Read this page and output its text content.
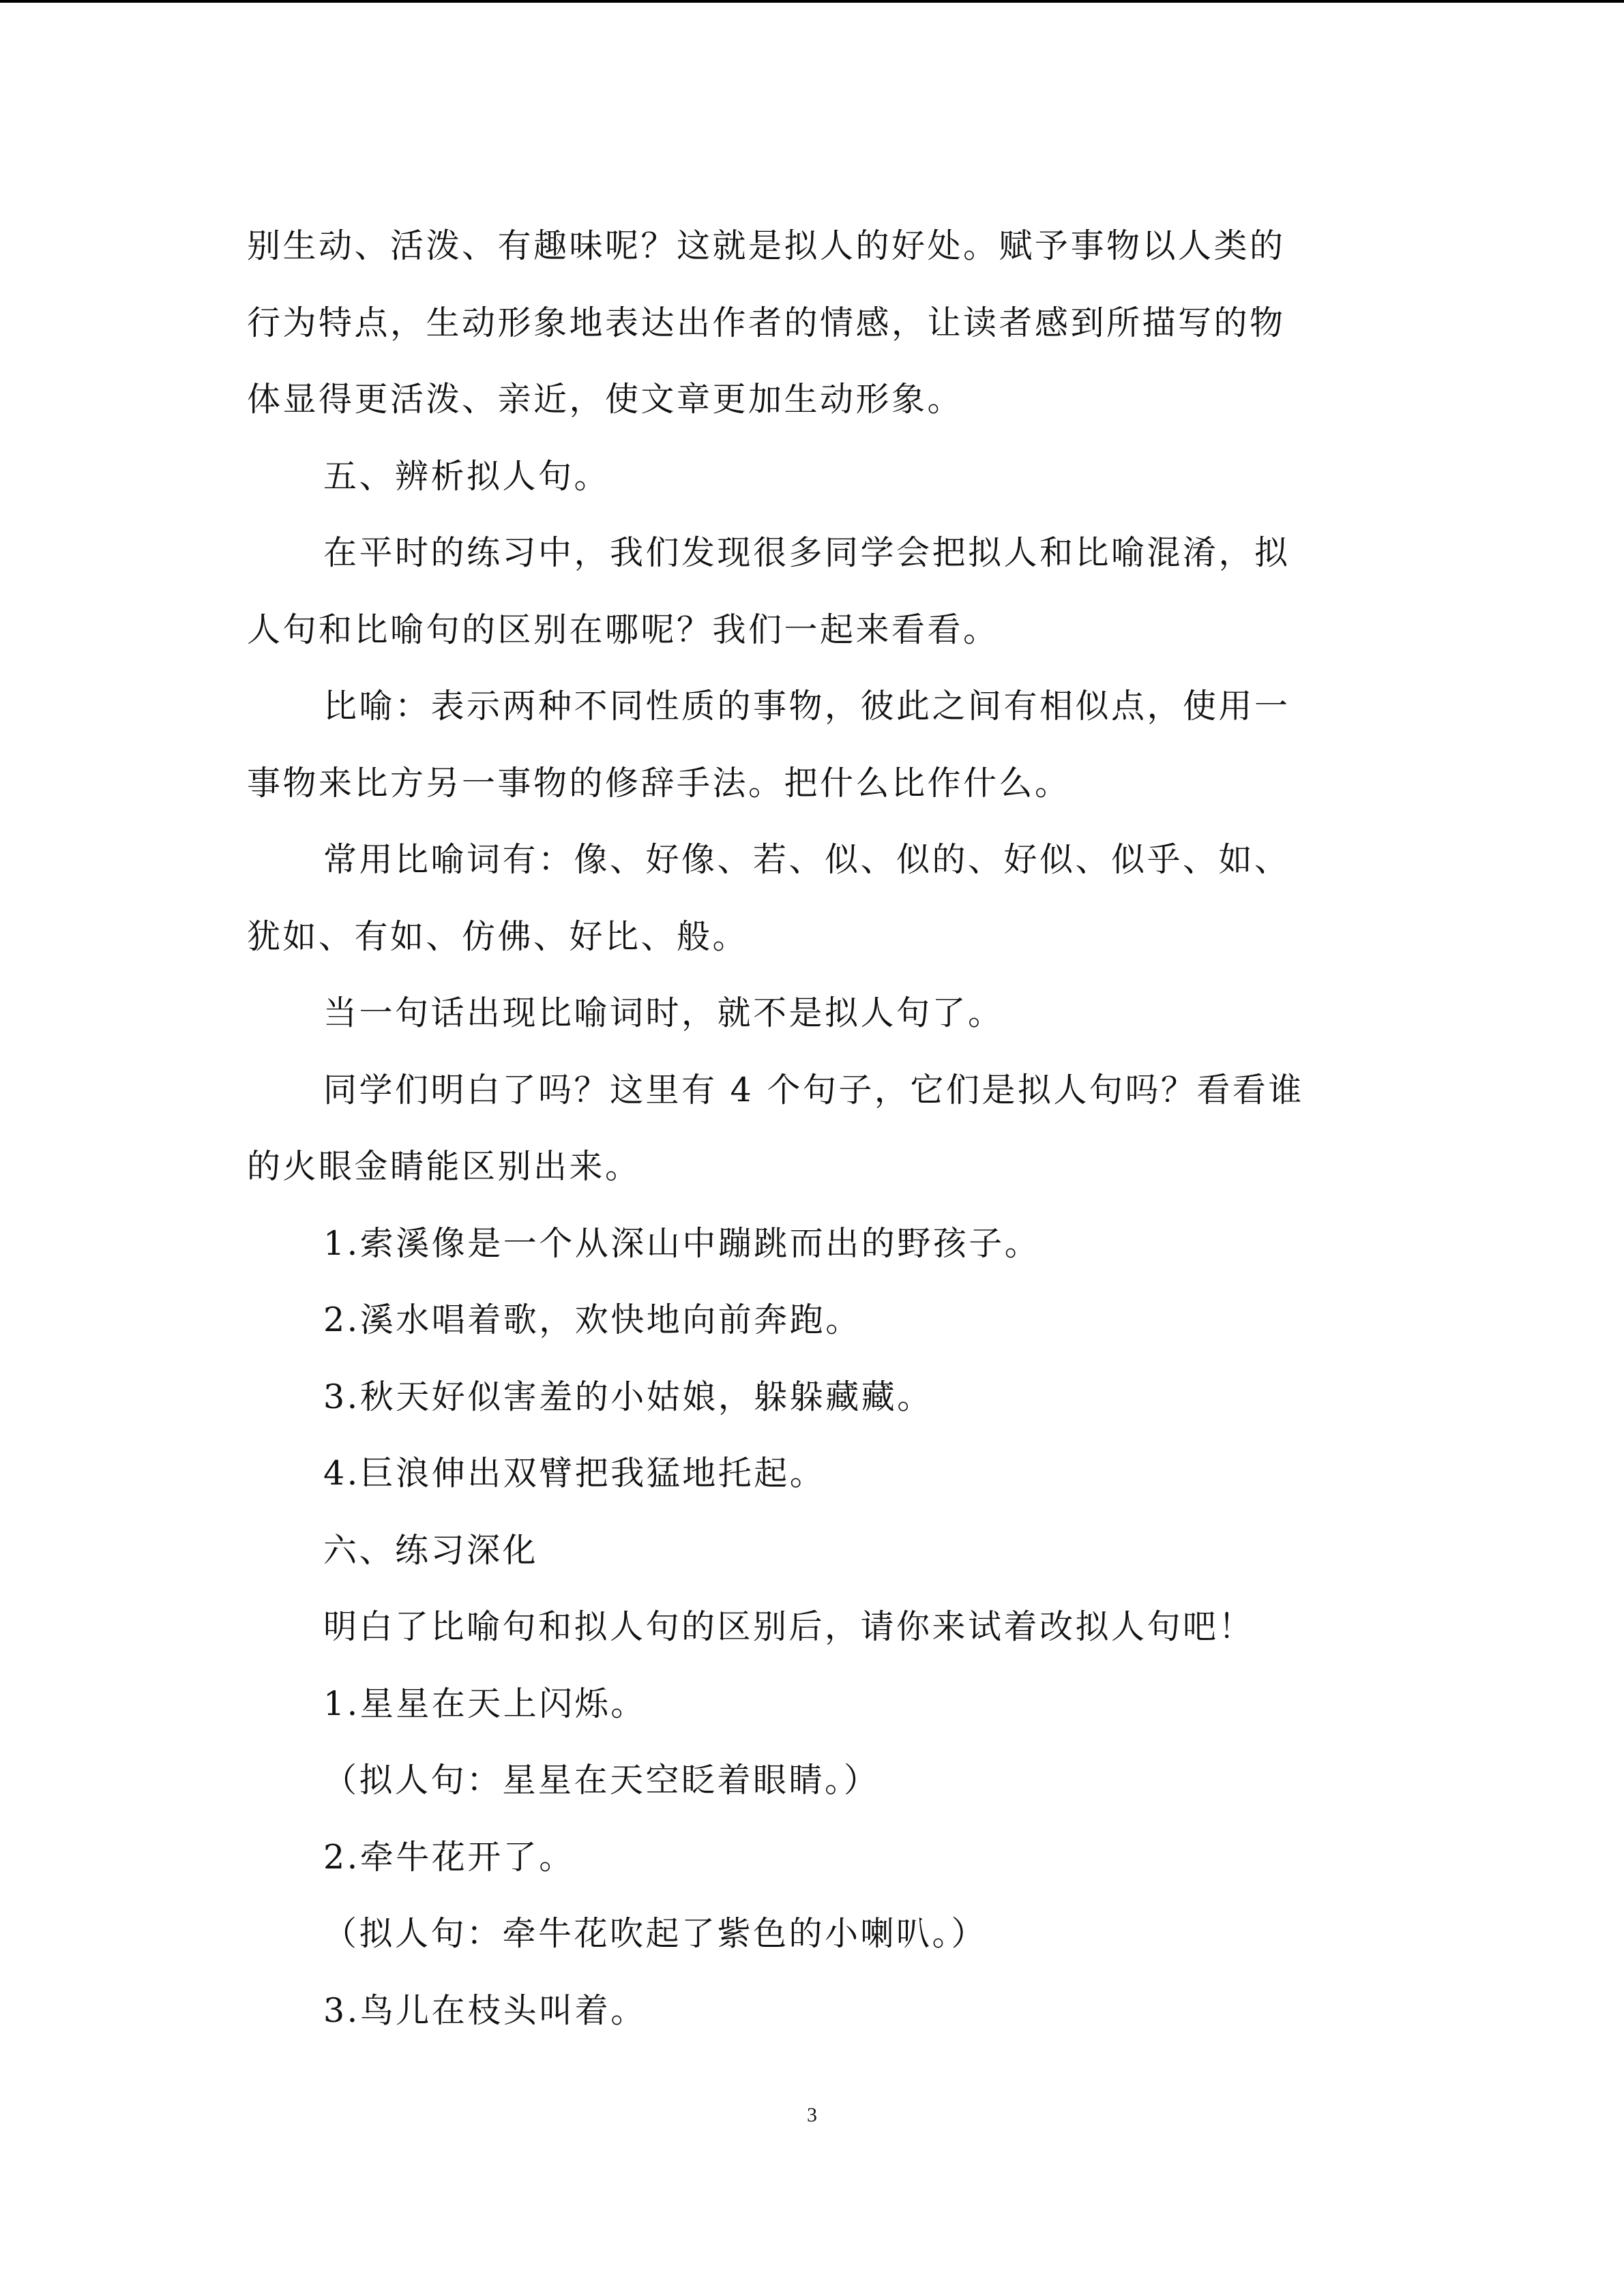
别生动、活泼、有趣味呢？这就是拟人的好处。赋予事物以人类的
行为特点，生动形象地表达出作者的情感，让读者感到所描写的物
体显得更活泼、亲近，使文章更加生动形象。
五、辨析拟人句。
在平时的练习中，我们发现很多同学会把拟人和比喻混淆，拟
人句和比喻句的区别在哪呢？我们一起来看看。
比喻：表示两种不同性质的事物，彼此之间有相似点，使用一
事物来比方另一事物的修辞手法。把什么比作什么。
常用比喻词有：像、好像、若、似、似的、好似、似乎、如、
犹如、有如、仿佛、好比、般。
当一句话出现比喻词时，就不是拟人句了。
同学们明白了吗？这里有 4 个句子，它们是拟人句吗？看看谁
的火眼金睛能区别出来。
1.索溪像是一个从深山中蹦跳而出的野孩子。
2.溪水唱着歌，欢快地向前奔跑。
3.秋天好似害羞的小姑娘，躲躲藏藏。
4.巨浪伸出双臂把我猛地托起。
六、练习深化
明白了比喻句和拟人句的区别后，请你来试着改拟人句吧！
1.星星在天上闪烁。
（拟人句：星星在天空眨着眼睛。）
2.牵牛花开了。
（拟人句：牵牛花吹起了紫色的小喇叭。）
3.鸟儿在枝头叫着。
3
